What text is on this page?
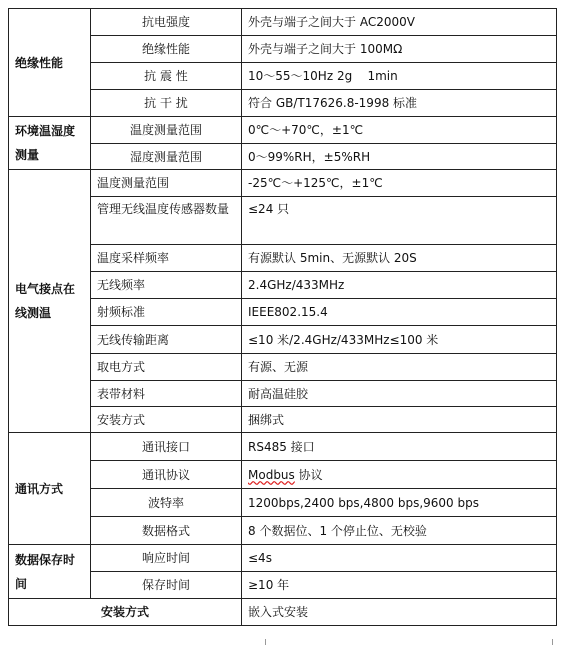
绝缘性能	抗电强度	外壳与端子之间大于 AC2000V
	绝缘性能	外壳与端子之间大于 100MΩ
	抗 震 性	10～55～10Hz 2g    1min
	抗 干 扰	符合 GB/T17626.8-1998 标准
环境温湿度测量	温度测量范围	0℃～+70℃，±1℃
	湿度测量范围	0～99%RH，±5%RH
电气接点在线测温	温度测量范围	-25℃～+125℃，±1℃
	管理无线温度传感器数量	≤24 只
	温度采样频率	有源默认 5min、无源默认 20S
	无线频率	2.4GHz/433MHz
	射频标准	IEEE802.15.4
	无线传输距离	≤10 米/2.4GHz/433MHz≤100 米
	取电方式	有源、无源
	表带材料	耐高温硅胶
	安装方式	捆绑式
通讯方式	通讯接口	RS485 接口
	通讯协议	Modbus 协议
	波特率	1200bps,2400 bps,4800 bps,9600 bps
	数据格式	8 个数据位、1 个停止位、无校验
数据保存时间	响应时间	≤4s
	保存时间	≥10 年
安装方式		嵌入式安装
